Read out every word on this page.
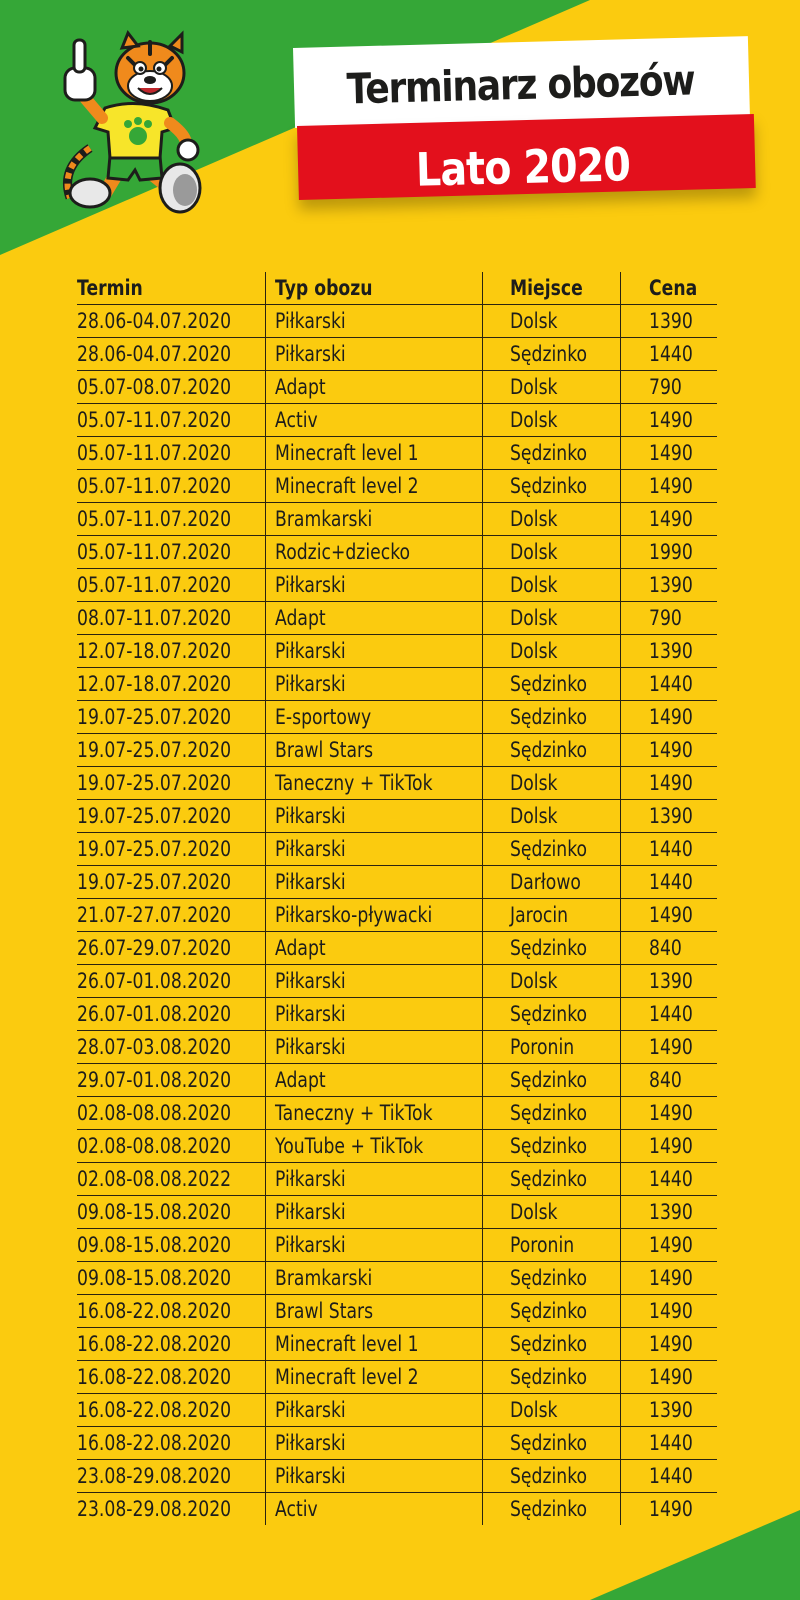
Terminarz obozów
Lato 2020
Termin	Typ obozu	Miejsce	Cena
28.06-04.07.2020	Piłkarski	Dolsk	1390
28.06-04.07.2020	Piłkarski	Sędzinko	1440
05.07-08.07.2020	Adapt	Dolsk	790
05.07-11.07.2020	Activ	Dolsk	1490
05.07-11.07.2020	Minecraft level 1	Sędzinko	1490
05.07-11.07.2020	Minecraft level 2	Sędzinko	1490
05.07-11.07.2020	Bramkarski	Dolsk	1490
05.07-11.07.2020	Rodzic+dziecko	Dolsk	1990
05.07-11.07.2020	Piłkarski	Dolsk	1390
08.07-11.07.2020	Adapt	Dolsk	790
12.07-18.07.2020	Piłkarski	Dolsk	1390
12.07-18.07.2020	Piłkarski	Sędzinko	1440
19.07-25.07.2020	E-sportowy	Sędzinko	1490
19.07-25.07.2020	Brawl Stars	Sędzinko	1490
19.07-25.07.2020	Taneczny + TikTok	Dolsk	1490
19.07-25.07.2020	Piłkarski	Dolsk	1390
19.07-25.07.2020	Piłkarski	Sędzinko	1440
19.07-25.07.2020	Piłkarski	Darłowo	1440
21.07-27.07.2020	Piłkarsko-pływacki	Jarocin	1490
26.07-29.07.2020	Adapt	Sędzinko	840
26.07-01.08.2020	Piłkarski	Dolsk	1390
26.07-01.08.2020	Piłkarski	Sędzinko	1440
28.07-03.08.2020	Piłkarski	Poronin	1490
29.07-01.08.2020	Adapt	Sędzinko	840
02.08-08.08.2020	Taneczny + TikTok	Sędzinko	1490
02.08-08.08.2020	YouTube + TikTok	Sędzinko	1490
02.08-08.08.2022	Piłkarski	Sędzinko	1440
09.08-15.08.2020	Piłkarski	Dolsk	1390
09.08-15.08.2020	Piłkarski	Poronin	1490
09.08-15.08.2020	Bramkarski	Sędzinko	1490
16.08-22.08.2020	Brawl Stars	Sędzinko	1490
16.08-22.08.2020	Minecraft level 1	Sędzinko	1490
16.08-22.08.2020	Minecraft level 2	Sędzinko	1490
16.08-22.08.2020	Piłkarski	Dolsk	1390
16.08-22.08.2020	Piłkarski	Sędzinko	1440
23.08-29.08.2020	Piłkarski	Sędzinko	1440
23.08-29.08.2020	Activ	Sędzinko	1490
